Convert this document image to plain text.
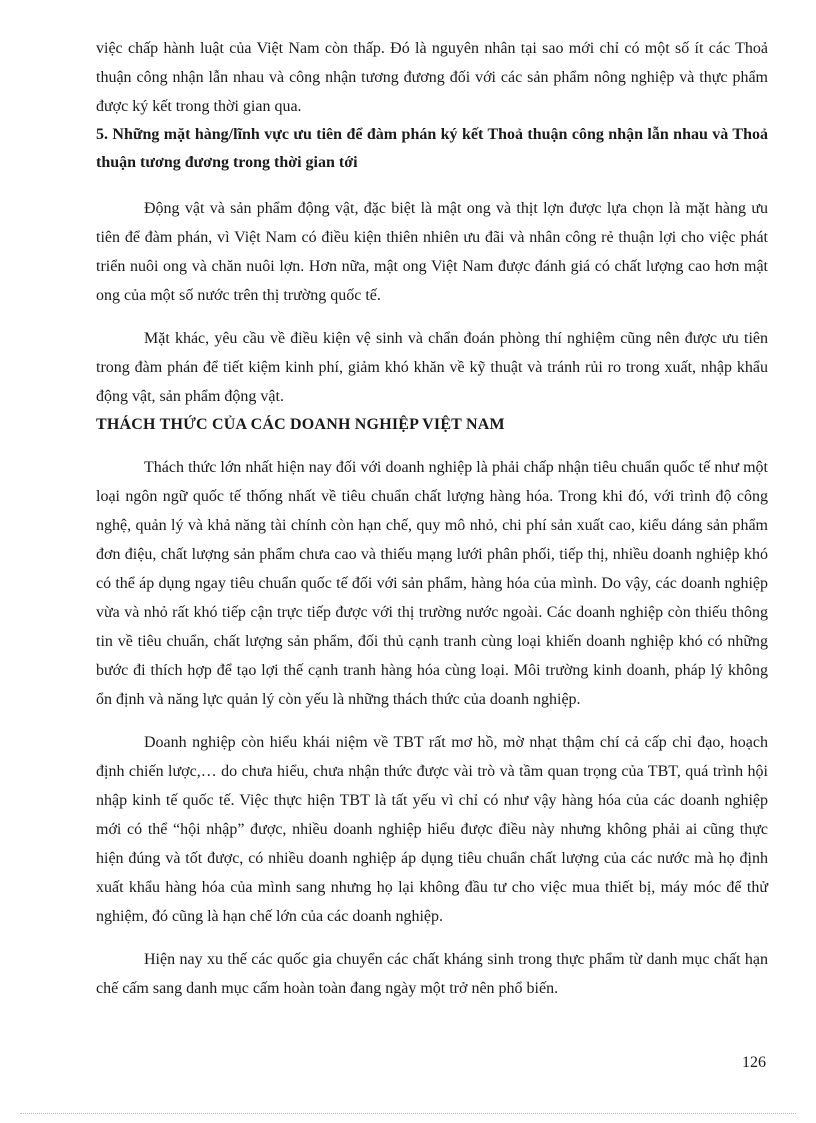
việc chấp hành luật của Việt Nam còn thấp. Đó là nguyên nhân tại sao mới chỉ có một số ít các Thoả thuận công nhận lẫn nhau và công nhận tương đương đối với các sản phẩm nông nghiệp và thực phẩm được ký kết trong thời gian qua.

5. Những mặt hàng/lĩnh vực ưu tiên để đàm phán ký kết Thoả thuận công nhận lẫn nhau và Thoả thuận tương đương trong thời gian tới

Động vật và sản phẩm động vật, đặc biệt là mật ong và thịt lợn được lựa chọn là mặt hàng ưu tiên để đàm phán, vì Việt Nam có điều kiện thiên nhiên ưu đãi và nhân công rẻ thuận lợi cho việc phát triển nuôi ong và chăn nuôi lợn. Hơn nữa, mật ong Việt Nam được đánh giá có chất lượng cao hơn mật ong của một số nước trên thị trường quốc tế.

Mặt khác, yêu cầu về điều kiện vệ sinh và chẩn đoán phòng thí nghiệm cũng nên được ưu tiên trong đàm phán để tiết kiệm kinh phí, giảm khó khăn về kỹ thuật và tránh rủi ro trong xuất, nhập khẩu động vật, sản phẩm động vật.

THÁCH THỨC CỦA CÁC DOANH NGHIỆP VIỆT NAM

Thách thức lớn nhất hiện nay đối với doanh nghiệp là phải chấp nhận tiêu chuẩn quốc tế như một loại ngôn ngữ quốc tế thống nhất về tiêu chuẩn chất lượng hàng hóa. Trong khi đó, với trình độ công nghệ, quản lý và khả năng tài chính còn hạn chế, quy mô nhỏ, chi phí sản xuất cao, kiểu dáng sản phẩm đơn điệu, chất lượng sản phẩm chưa cao và thiếu mạng lưới phân phối, tiếp thị, nhiều doanh nghiệp khó có thể áp dụng ngay tiêu chuẩn quốc tế đối với sản phẩm, hàng hóa của mình. Do vậy, các doanh nghiệp vừa và nhỏ rất khó tiếp cận trực tiếp được với thị trường nước ngoài. Các doanh nghiệp còn thiếu thông tin về tiêu chuẩn, chất lượng sản phẩm, đối thủ cạnh tranh cùng loại khiến doanh nghiệp khó có những bước đi thích hợp để tạo lợi thế cạnh tranh hàng hóa cùng loại. Môi trường kinh doanh, pháp lý không ổn định và năng lực quản lý còn yếu là những thách thức của doanh nghiệp.

Doanh nghiệp còn hiểu khái niệm về TBT rất mơ hồ, mờ nhạt thậm chí cả cấp chỉ đạo, hoạch định chiến lược,… do chưa hiểu, chưa nhận thức được vài trò và tầm quan trọng của TBT, quá trình hội nhập kinh tế quốc tế. Việc thực hiện TBT là tất yếu vì chỉ có như vậy hàng hóa của các doanh nghiệp mới có thể “hội nhập” được, nhiều doanh nghiệp hiểu được điều này nhưng không phải ai cũng thực hiện đúng và tốt được, có nhiều doanh nghiệp áp dụng tiêu chuẩn chất lượng của các nước mà họ định xuất khẩu hàng hóa của mình sang nhưng họ lại không đầu tư cho việc mua thiết bị, máy móc để thử nghiệm, đó cũng là hạn chế lớn của các doanh nghiệp.

Hiện nay xu thế các quốc gia chuyển các chất kháng sinh trong thực phẩm từ danh mục chất hạn chế cấm sang danh mục cấm hoàn toàn đang ngày một trở nên phổ biến.

126
